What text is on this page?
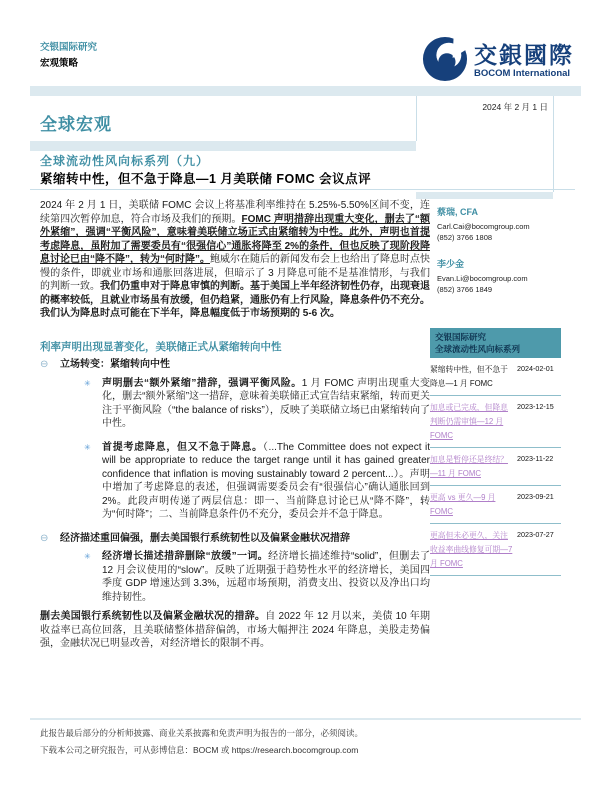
交银国际研究
宏观策略	交銀國際
BOCOM International
全球宏观
2024 年 2 月 1 日
全球流动性风向标系列（九）
紧缩转中性，但不急于降息—1 月美联储 FOMC 会议点评
2024 年 2 月 1 日，美联储 FOMC 会议上将基准利率维持在 5.25%-5.50%区间不变，连续第四次暂停加息，符合市场及我们的预期。FOMC 声明措辞出现重大变化，删去了“额外紧缩”，强调“平衡风险”，意味着美联储立场正式由紧缩转为中性。此外，声明也首提考虑降息，虽附加了需要委员有“很强信心”通胀将降至 2%的条件，但也反映了现阶段降息讨论已由“降不降”，转为“何时降”。鲍威尔在随后的新闻发布会上也给出了降息时点快慢的条件，即就业市场和通胀回落进展，但暗示了 3 月降息可能不是基准情形，与我们的判断一致。我们仍重申对于降息审慎的判断。基于美国上半年经济韧性仍存，出现衰退的概率较低，且就业市场虽有放缓，但仍趋紧，通胀仍有上行风险，降息条件仍不充分。我们认为降息时点可能在下半年，降息幅度低于市场预期的 5-6 次。
利率声明出现显著变化，美联储正式从紧缩转向中性
⊖ 立场转变：紧缩转向中性
✳ 声明删去“额外紧缩”措辞，强调平衡风险。1 月 FOMC 声明出现重大变化，删去“额外紧缩”这一措辞，意味着美联储正式宣告结束紧缩，转而更关注于平衡风险（“the balance of risks”），反映了美联储立场已由紧缩转向了中性。
✳ 首提考虑降息，但又不急于降息。（...The Committee does not expect it will be appropriate to reduce the target range until it has gained greater confidence that inflation is moving sustainably toward 2 percent...）。声明中增加了考虑降息的表述，但强调需要委员会有“很强信心”确认通胀回到 2%。此段声明传递了两层信息：即一、当前降息讨论已从“降不降”，转为“何时降”；二、当前降息条件仍不充分，委员会并不急于降息。
⊖ 经济描述重回偏强，删去美国银行系统韧性以及偏紧金融状况措辞
✳ 经济增长描述措辞删除“放缓”一词。经济增长描述维持“solid”，但删去了 12 月会议使用的“slow”。反映了近期强于趋势性水平的经济增长，美国四季度 GDP 增速达到 3.3%，远超市场预期，消费支出、投资以及净出口均维持韧性。
删去美国银行系统韧性以及偏紧金融状况的措辞。自 2022 年 12 月以来，美债 10 年期收益率已高位回落，且美联储整体措辞偏鸽，市场大幅押注 2024 年降息，美股走势偏强，金融状况已明显改善，对经济增长的限制不再。
蔡瑞, CFA
Carl.Cai@bocomgroup.com
(852) 3766 1808
李少金
Evan.Li@bocomgroup.com
(852) 3766 1849
交银国际研究
全球流动性风向标系列
紧缩转中性，但不急于降息—1 月 FOMC
2024-02-01
加息或已完成，但降息判断仍需审慎—12 月 FOMC
2023-12-15
加息是暂停还是终结？—11 月 FOMC
2023-11-22
更高 vs 更久—9 月 FOMC
2023-09-21
更高但未必更久，关注收益率曲线修复可期—7 月 FOMC
2023-07-27
此报告最后部分的分析师披露、商业关系披露和免责声明为报告的一部分，必须阅读。
下载本公司之研究报告，可从彭博信息：BOCM 或 https://research.bocomgroup.com
